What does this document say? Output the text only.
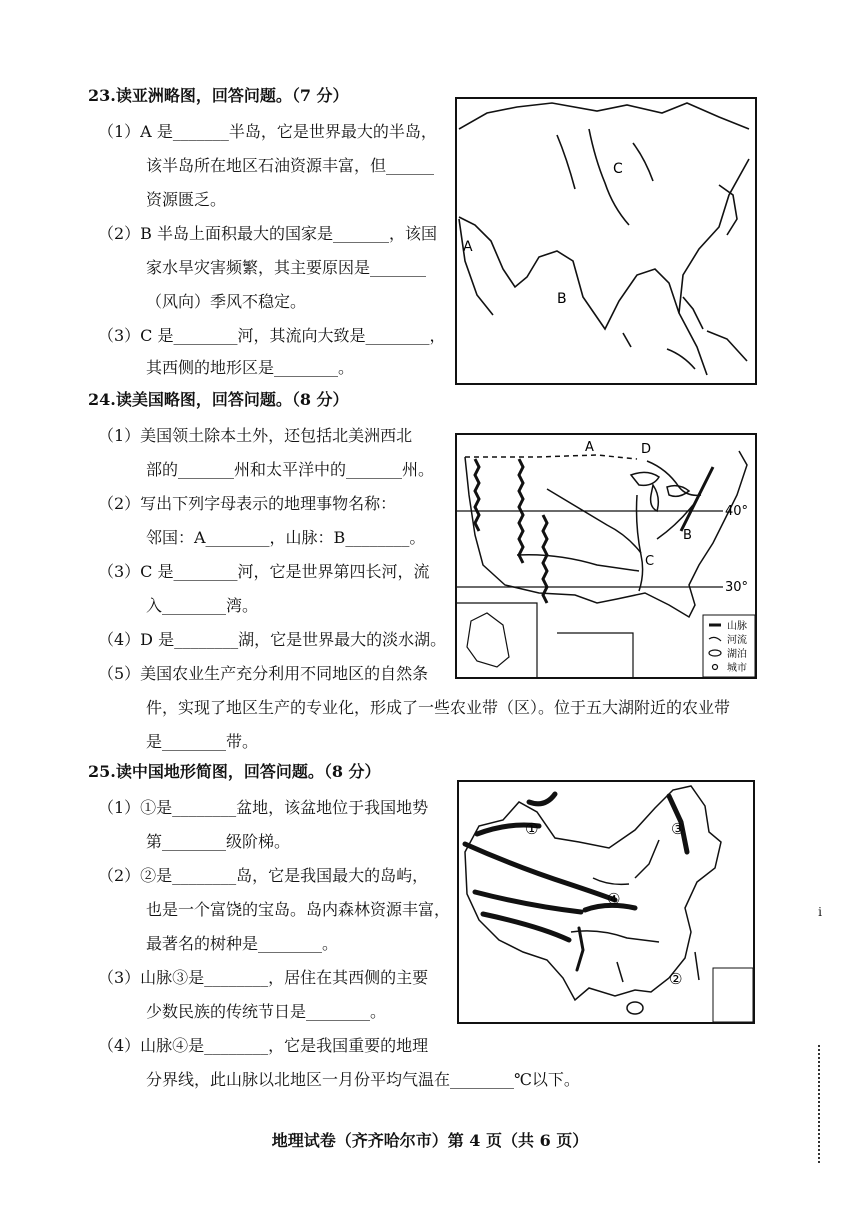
23.读亚洲略图，回答问题。（7 分）
（1）A 是_______半岛，它是世界最大的半岛，
该半岛所在地区石油资源丰富，但______
资源匮乏。
（2）B 半岛上面积最大的国家是_______，该国
家水旱灾害频繁，其主要原因是_______
（风向）季风不稳定。
（3）C 是________河，其流向大致是________，
其西侧的地形区是________。
A
B
C
24.读美国略图，回答问题。（8 分）
（1）美国领土除本土外，还包括北美洲西北
部的_______州和太平洋中的_______州。
（2）写出下列字母表示的地理事物名称：
邻国：A________，山脉：B________。
（3）C 是________河，它是世界第四长河，流
入________湾。
（4）D 是________湖，它是世界最大的淡水湖。
（5）美国农业生产充分利用不同地区的自然条
件，实现了地区生产的专业化，形成了一些农业带（区）。位于五大湖附近的农业带
是________带。
A	D
B
C
40°
30°
山脉
河流
湖泊
城市
25.读中国地形简图，回答问题。（8 分）
（1）①是________盆地，该盆地位于我国地势
第________级阶梯。
（2）②是________岛，它是我国最大的岛屿，
也是一个富饶的宝岛。岛内森林资源丰富，
最著名的树种是________。
（3）山脉③是________，居住在其西侧的主要
少数民族的传统节日是________。
（4）山脉④是________，它是我国重要的地理
分界线，此山脉以北地区一月份平均气温在________℃以下。
①
②
③
④
ⅰ
地理试卷（齐齐哈尔市）第 4 页（共 6 页）
